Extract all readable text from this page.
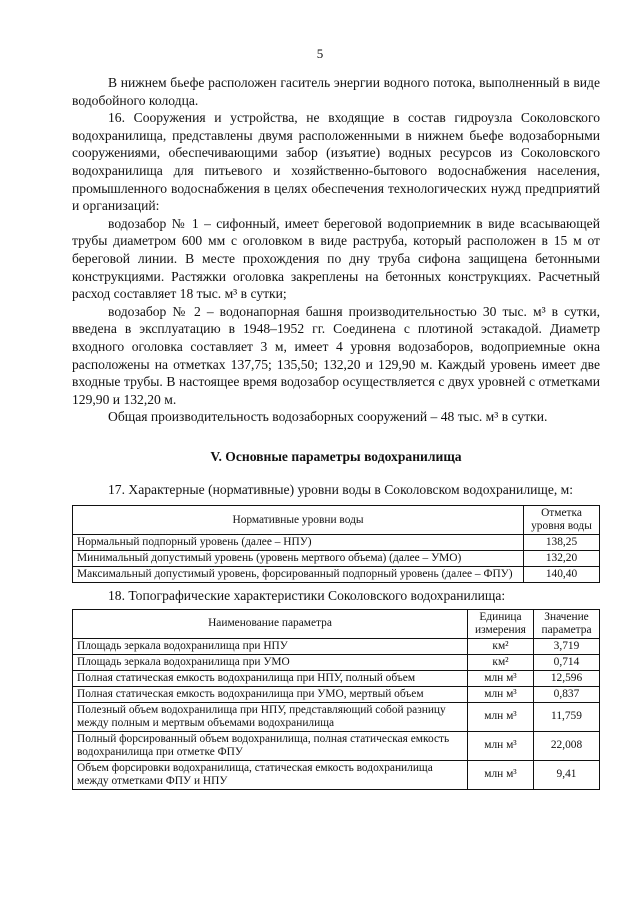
5

В нижнем бьефе расположен гаситель энергии водного потока, выполненный в виде водобойного колодца.

16. Сооружения и устройства, не входящие в состав гидроузла Соколовского водохранилища, представлены двумя расположенными в нижнем бьефе водозаборными сооружениями, обеспечивающими забор (изъятие) водных ресурсов из Соколовского водохранилища для питьевого и хозяйственно-бытового водоснабжения населения, промышленного водоснабжения в целях обеспечения технологических нужд предприятий и организаций:

водозабор № 1 – сифонный, имеет береговой водоприемник в виде всасывающей трубы диаметром 600 мм с оголовком в виде раструба, который расположен в 15 м от береговой линии. В месте прохождения по дну труба сифона защищена бетонными конструкциями. Растяжки оголовка закреплены на бетонных конструкциях. Расчетный расход составляет 18 тыс. м³ в сутки;

водозабор № 2 – водонапорная башня производительностью 30 тыс. м³ в сутки, введена в эксплуатацию в 1948–1952 гг. Соединена с плотиной эстакадой. Диаметр входного оголовка составляет 3 м, имеет 4 уровня водозаборов, водоприемные окна расположены на отметках 137,75; 135,50; 132,20 и 129,90 м. Каждый уровень имеет две входные трубы. В настоящее время водозабор осуществляется с двух уровней с отметками 129,90 и 132,20 м.

Общая производительность водозаборных сооружений – 48 тыс. м³ в сутки.

V. Основные параметры водохранилища

17. Характерные (нормативные) уровни воды в Соколовском водохранилище, м:

Нормативные уровни воды	Отметка уровня воды
Нормальный подпорный уровень (далее – НПУ)	138,25
Минимальный допустимый уровень (уровень мертвого объема) (далее – УМО)	132,20
Максимальный допустимый уровень, форсированный подпорный уровень (далее – ФПУ)	140,40

18. Топографические характеристики Соколовского водохранилища:

Наименование параметра	Единица измерения	Значение параметра
Площадь зеркала водохранилища при НПУ	км²	3,719
Площадь зеркала водохранилища при УМО	км²	0,714
Полная статическая емкость водохранилища при НПУ, полный объем	млн м³	12,596
Полная статическая емкость водохранилища при УМО, мертвый объем	млн м³	0,837
Полезный объем водохранилища при НПУ, представляющий собой разницу между полным и мертвым объемами водохранилища	млн м³	11,759
Полный форсированный объем водохранилища, полная статическая емкость водохранилища при отметке ФПУ	млн м³	22,008
Объем форсировки водохранилища, статическая емкость водохранилища между отметками ФПУ и НПУ	млн м³	9,41
